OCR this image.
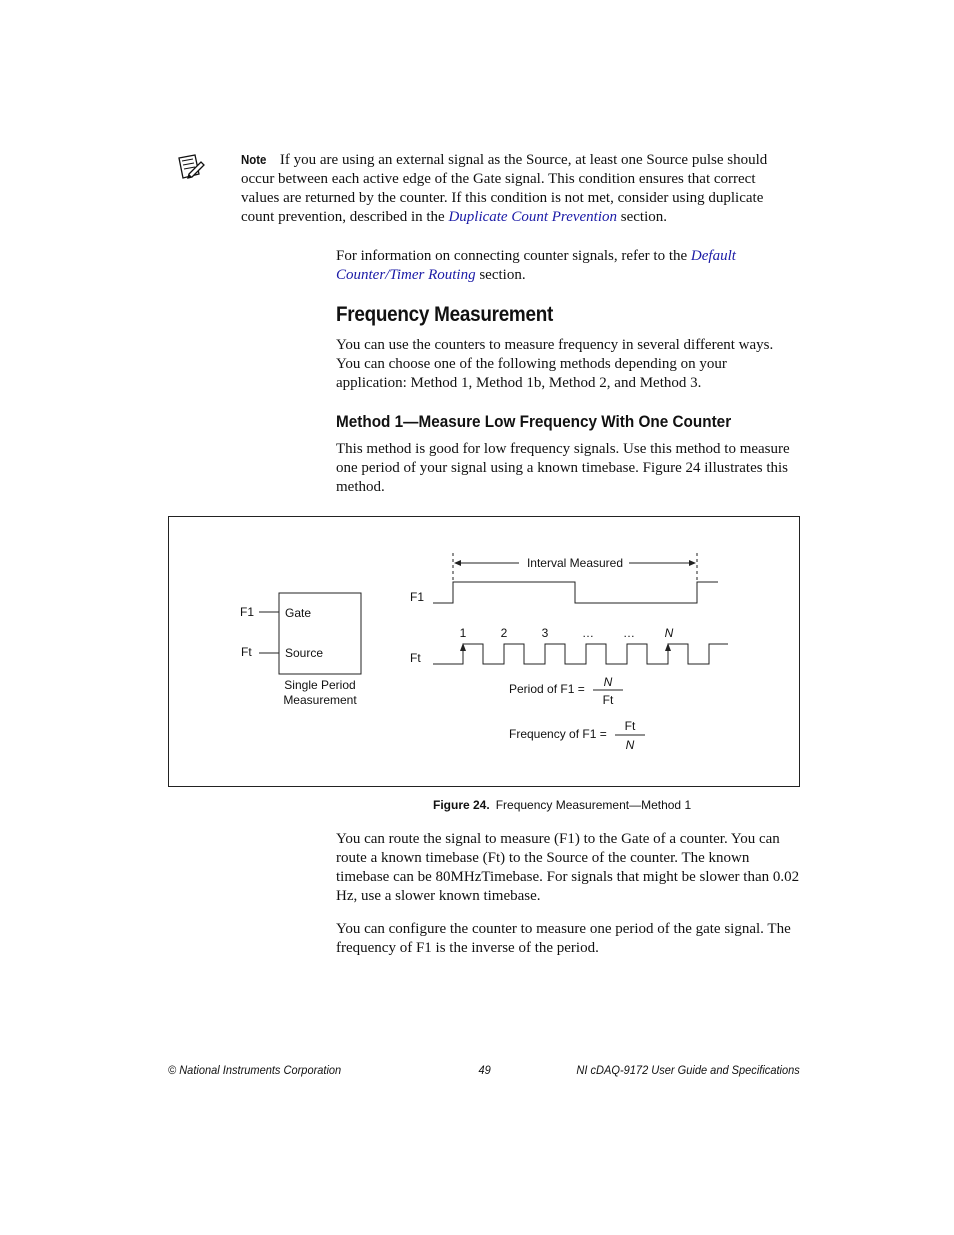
Note If you are using an external signal as the Source, at least one Source pulse should occur between each active edge of the Gate signal. This condition ensures that correct values are returned by the counter. If this condition is not met, consider using duplicate count prevention, described in the Duplicate Count Prevention section.

For information on connecting counter signals, refer to the Default Counter/Timer Routing section.

Frequency Measurement

You can use the counters to measure frequency in several different ways. You can choose one of the following methods depending on your application: Method 1, Method 1b, Method 2, and Method 3.

Method 1—Measure Low Frequency With One Counter

This method is good for low frequency signals. Use this method to measure one period of your signal using a known timebase. Figure 24 illustrates this method.

F1
Ft
Gate
Source
Single Period
Measurement
Interval Measured
F1
Ft
1	2	3	… … N
Period of F1 = N
Ft
Frequency of F1 =
Ft
N
Figure 24. Frequency Measurement—Method 1

You can route the signal to measure (F1) to the Gate of a counter. You can route a known timebase (Ft) to the Source of the counter. The known timebase can be 80MHzTimebase. For signals that might be slower than 0.02 Hz, use a slower known timebase.

You can configure the counter to measure one period of the gate signal. The frequency of F1 is the inverse of the period.

© National Instruments Corporation	49	NI cDAQ-9172 User Guide and Specifications
